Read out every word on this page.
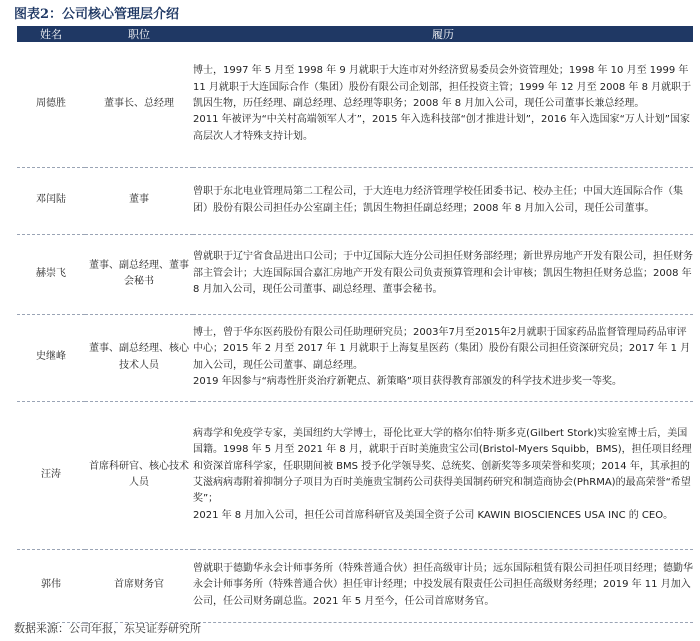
图表2：公司核心管理层介绍
姓名	职位	履历
周德胜	董事长、总经理	博士，1997 年 5 月至 1998 年 9 月就职于大连市对外经济贸易委员会外资管理处；1998 年 10 月至 1999 年 11 月就职于大连国际合作（集团）股份有限公司企划部，担任投资主管；1999 年 12 月至 2008 年 8 月就职于凯因生物，历任经理、副总经理、总经理等职务；2008 年 8 月加入公司，现任公司董事长兼总经理。
2011 年被评为“中关村高端领军人才”，2015 年入选科技部“创才推进计划”，2016 年入选国家“万人计划”国家高层次人才特殊支持计划。

邓闰陆	董事	曾职于东北电业管理局第二工程公司，于大连电力经济管理学校任团委书记、校办主任；中国大连国际合作（集团）股份有限公司担任办公室副主任；凯因生物担任副总经理；2008 年 8 月加入公司，现任公司董事。

赫崇飞	董事、副总经理、董事会秘书	曾就职于辽宁省食品进出口公司；于中辽国际大连分公司担任财务部经理；新世界房地产开发有限公司，担任财务部主管会计；大连国际国合嘉汇房地产开发有限公司负责预算管理和会计审核；凯因生物担任财务总监；2008 年 8 月加入公司，现任公司董事、副总经理、董事会秘书。

史继峰	董事、副总经理、核心技术人员	博士，曾于华东医药股份有限公司任助理研究员；2003年7月至2015年2月就职于国家药品监督管理局药品审评中心；2015 年 2 月至 2017 年 1 月就职于上海复星医药（集团）股份有限公司担任资深研究员；2017 年 1 月加入公司，现任公司董事、副总经理。
2019 年因参与“病毒性肝炎治疗新靶点、新策略”项目获得教育部颁发的科学技术进步奖一等奖。

汪涛	首席科研官、核心技术人员	病毒学和免疫学专家，美国纽约大学博士，哥伦比亚大学的格尔伯特·斯多克(Gilbert Stork)实验室博士后，美国国籍。1998 年 5 月至 2021 年 8 月，就职于百时美施贵宝公司(Bristol-Myers Squibb，BMS)，担任项目经理和资深首席科学家，任职期间被 BMS 授予化学领导奖、总统奖、创新奖等多项荣誉和奖项；2014 年，其承担的艾滋病病毒附着抑制分子项目为百时美施贵宝制药公司获得美国制药研究和制造商协会(PhRMA)的最高荣誉“希望奖”；
2021 年 8 月加入公司，担任公司首席科研官及美国全资子公司 KAWIN BIOSCIENCES USA INC 的 CEO。

郭伟	首席财务官	曾就职于德勤华永会计师事务所（特殊普通合伙）担任高级审计员；远东国际租赁有限公司担任项目经理；德勤华永会计师事务所（特殊普通合伙）担任审计经理；中投发展有限责任公司担任高级财务经理；2019 年 11 月加入公司，任公司财务副总监。2021 年 5 月至今，任公司首席财务官。
数据来源：公司年报，东吴证券研究所
